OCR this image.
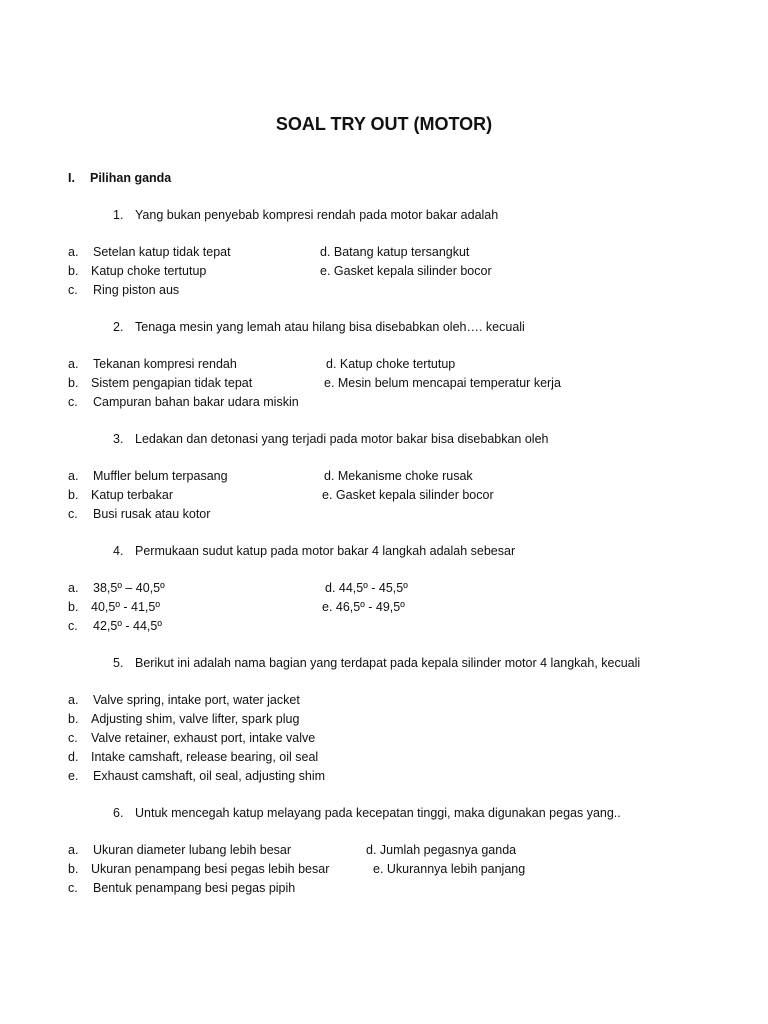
SOAL TRY OUT (MOTOR)
I. Pilihan ganda
1. Yang bukan penyebab kompresi rendah pada motor bakar adalah
a. Setelan katup tidak tepat	d. Batang katup tersangkut
b. Katup choke tertutup	e. Gasket kepala silinder bocor
c. Ring piston aus
2. Tenaga mesin yang lemah atau hilang bisa disebabkan oleh…. kecuali
a. Tekanan kompresi rendah	d. Katup choke tertutup
b. Sistem pengapian tidak tepat	e. Mesin belum mencapai temperatur kerja
c. Campuran bahan bakar udara miskin
3. Ledakan dan detonasi yang terjadi pada motor bakar bisa disebabkan oleh
a. Muffler belum terpasang	d. Mekanisme choke rusak
b. Katup terbakar	e. Gasket kepala silinder bocor
c. Busi rusak atau kotor
4. Permukaan sudut katup pada motor bakar 4 langkah adalah sebesar
a. 38,5º – 40,5º	d. 44,5º - 45,5º
b. 40,5º - 41,5º	e. 46,5º - 49,5º
c. 42,5º - 44,5º
5. Berikut ini adalah nama bagian yang terdapat pada kepala silinder motor 4 langkah, kecuali
a. Valve spring, intake port, water jacket
b. Adjusting shim, valve lifter, spark plug
c. Valve retainer, exhaust port, intake valve
d. Intake camshaft, release bearing, oil seal
e. Exhaust camshaft, oil seal, adjusting shim
6. Untuk mencegah katup melayang pada kecepatan tinggi, maka digunakan pegas yang..
a. Ukuran diameter lubang lebih besar	d. Jumlah pegasnya ganda
b. Ukuran penampang besi pegas lebih besar	e. Ukurannya lebih panjang
c. Bentuk penampang besi pegas pipih
